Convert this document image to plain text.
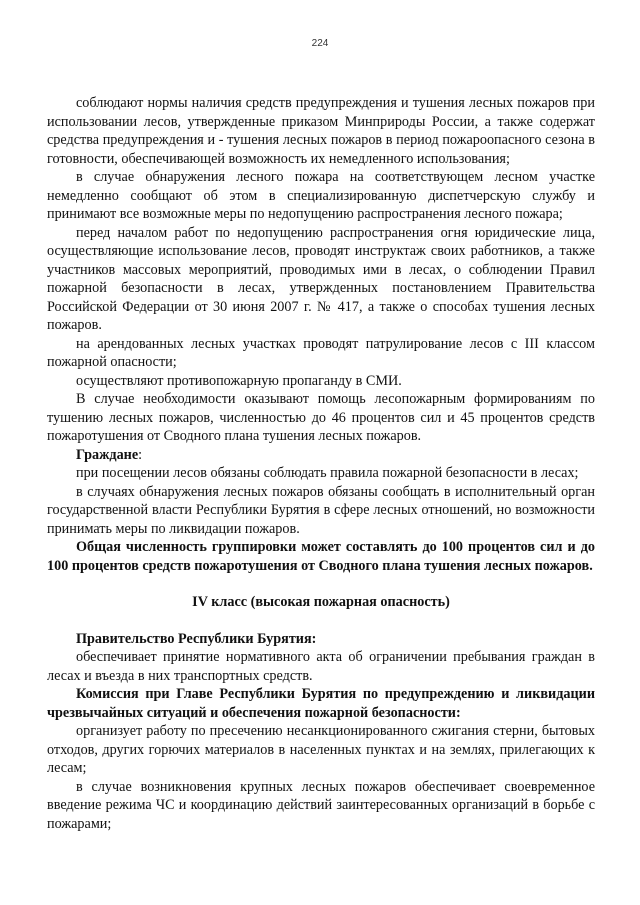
224

соблюдают нормы наличия средств предупреждения и тушения лесных пожаров при использовании лесов, утвержденные приказом Минприроды России, а также содержат средства предупреждения и - тушения лесных пожаров в период пожароопасного сезона в готовности, обеспечивающей возможность их немедленного использования;

в случае обнаружения лесного пожара на соответствующем лесном участке немедленно сообщают об этом в специализированную диспетчерскую службу и принимают все возможные меры по недопущению распространения лесного пожара;

перед началом работ по недопущению распространения огня юридические лица, осуществляющие использование лесов, проводят инструктаж своих работников, а также участников массовых мероприятий, проводимых ими в лесах, о соблюдении Правил пожарной безопасности в лесах, утвержденных постановлением Правительства Российской Федерации от 30 июня 2007 г. № 417, а также о способах тушения лесных пожаров.

на арендованных лесных участках проводят патрулирование лесов с III классом пожарной опасности;

осуществляют противопожарную пропаганду в СМИ.

В случае необходимости оказывают помощь лесопожарным формированиям по тушению лесных пожаров, численностью до 46 процентов сил и 45 процентов средств пожаротушения от Сводного плана тушения лесных пожаров.

Граждане:

при посещении лесов обязаны соблюдать правила пожарной безопасности в лесах;

в случаях обнаружения лесных пожаров обязаны сообщать в исполнительный орган государственной власти Республики Бурятия в сфере лесных отношений, но возможности принимать меры по ликвидации пожаров.

Общая численность группировки может составлять до 100 процентов сил и до 100 процентов средств пожаротушения от Сводного плана тушения лесных пожаров.

IV класс (высокая пожарная опасность)

Правительство Республики Бурятия:

обеспечивает принятие нормативного акта об ограничении пребывания граждан в лесах и въезда в них транспортных средств.

Комиссия при Главе Республики Бурятия по предупреждению и ликвидации чрезвычайных ситуаций и обеспечения пожарной безопасности:

организует работу по пресечению несанкционированного сжигания стерни, бытовых отходов, других горючих материалов в населенных пунктах и на землях, прилегающих к лесам;

в случае возникновения крупных лесных пожаров обеспечивает своевременное введение режима ЧС и координацию действий заинтересованных организаций в борьбе с пожарами;
